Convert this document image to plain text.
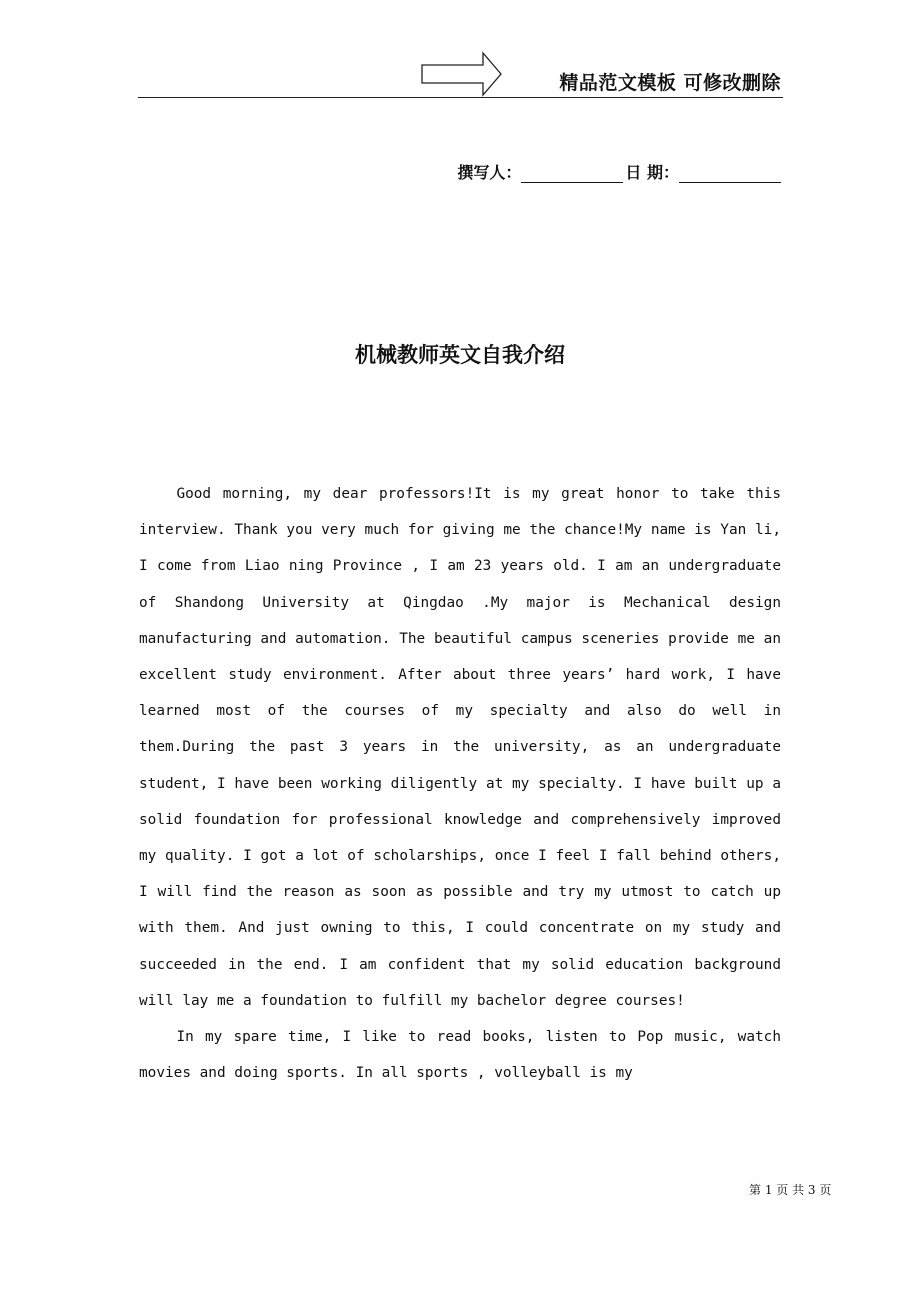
精品范文模板 可修改删除
撰写人：	日 期：
机械教师英文自我介绍

Good morning, my dear professors!It is my great honor to take this interview. Thank you very much for giving me the chance!My name is Yan li, I come from Liao ning Province , I am 23 years old. I am an undergraduate of Shandong University at Qingdao .My major is Mechanical design manufacturing and automation. The beautiful campus sceneries provide me an excellent study environment. After about three years’ hard work, I have learned most of the courses of my specialty and also do well in them.During the past 3 years in the university, as an undergraduate student, I have been working diligently at my specialty. I have built up a solid foundation for professional knowledge and comprehensively improved my quality. I got a lot of scholarships, once I feel I fall behind others, I will find the reason as soon as possible and try my utmost to catch up with them. And just owning to this, I could concentrate on my study and succeeded in the end. I am confident that my solid education background will lay me a foundation to fulfill my bachelor degree courses!

In my spare time, I like to read books, listen to Pop music, watch movies and doing sports. In all sports , volleyball is my

第 1 页 共 3 页
